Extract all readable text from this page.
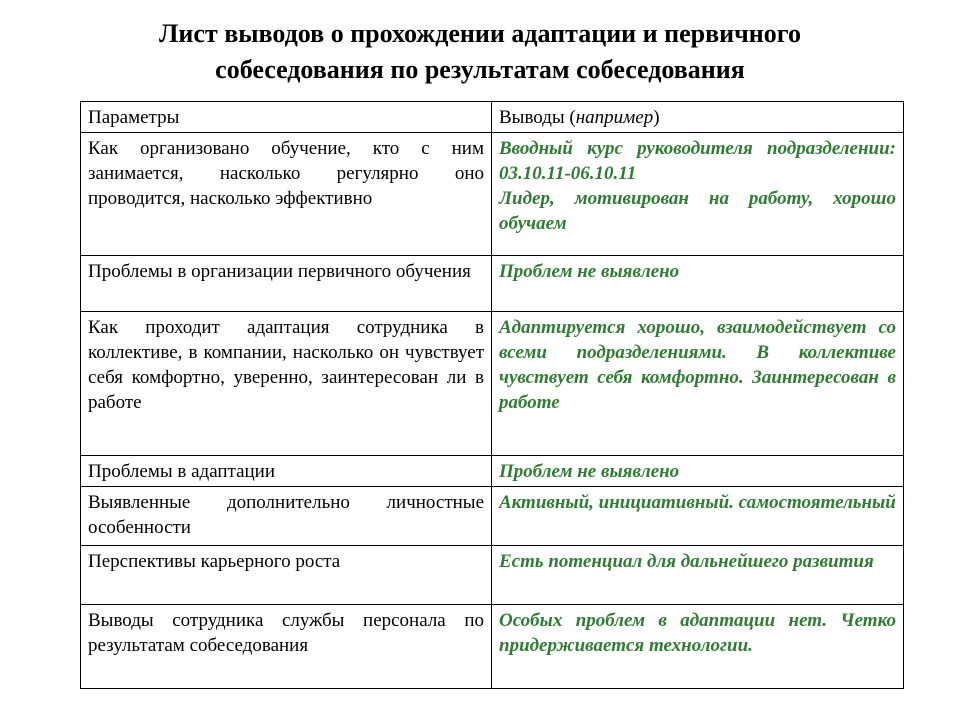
Лист выводов о прохождении адаптации и первичного
собеседования по результатам собеседования
Параметры	Выводы (например)
Как организовано обучение, кто с ним занимается, насколько регулярно оно проводится, насколько эффективно	Вводный курс руководителя подразделении: 03.10.11-06.10.11
Лидер, мотивирован на работу, хорошо обучаем

Проблемы в организации первичного обучения	Проблем не выявлено

Как проходит адаптация сотрудника в коллективе, в компании, насколько он чувствует себя комфортно, уверенно, заинтересован ли в работе	Адаптируется хорошо, взаимодействует со всеми подразделениями. В коллективе чувствует себя комфортно. Заинтересован в работе

Проблемы в адаптации	Проблем не выявлено

Выявленные дополнительно личностные особенности	Активный, инициативный. самостоятельный

Перспективы карьерного роста	Есть потенциал для дальнейшего развития

Выводы сотрудника службы персонала по результатам собеседования	Особых проблем в адаптации нет. Четко придерживается технологии.
